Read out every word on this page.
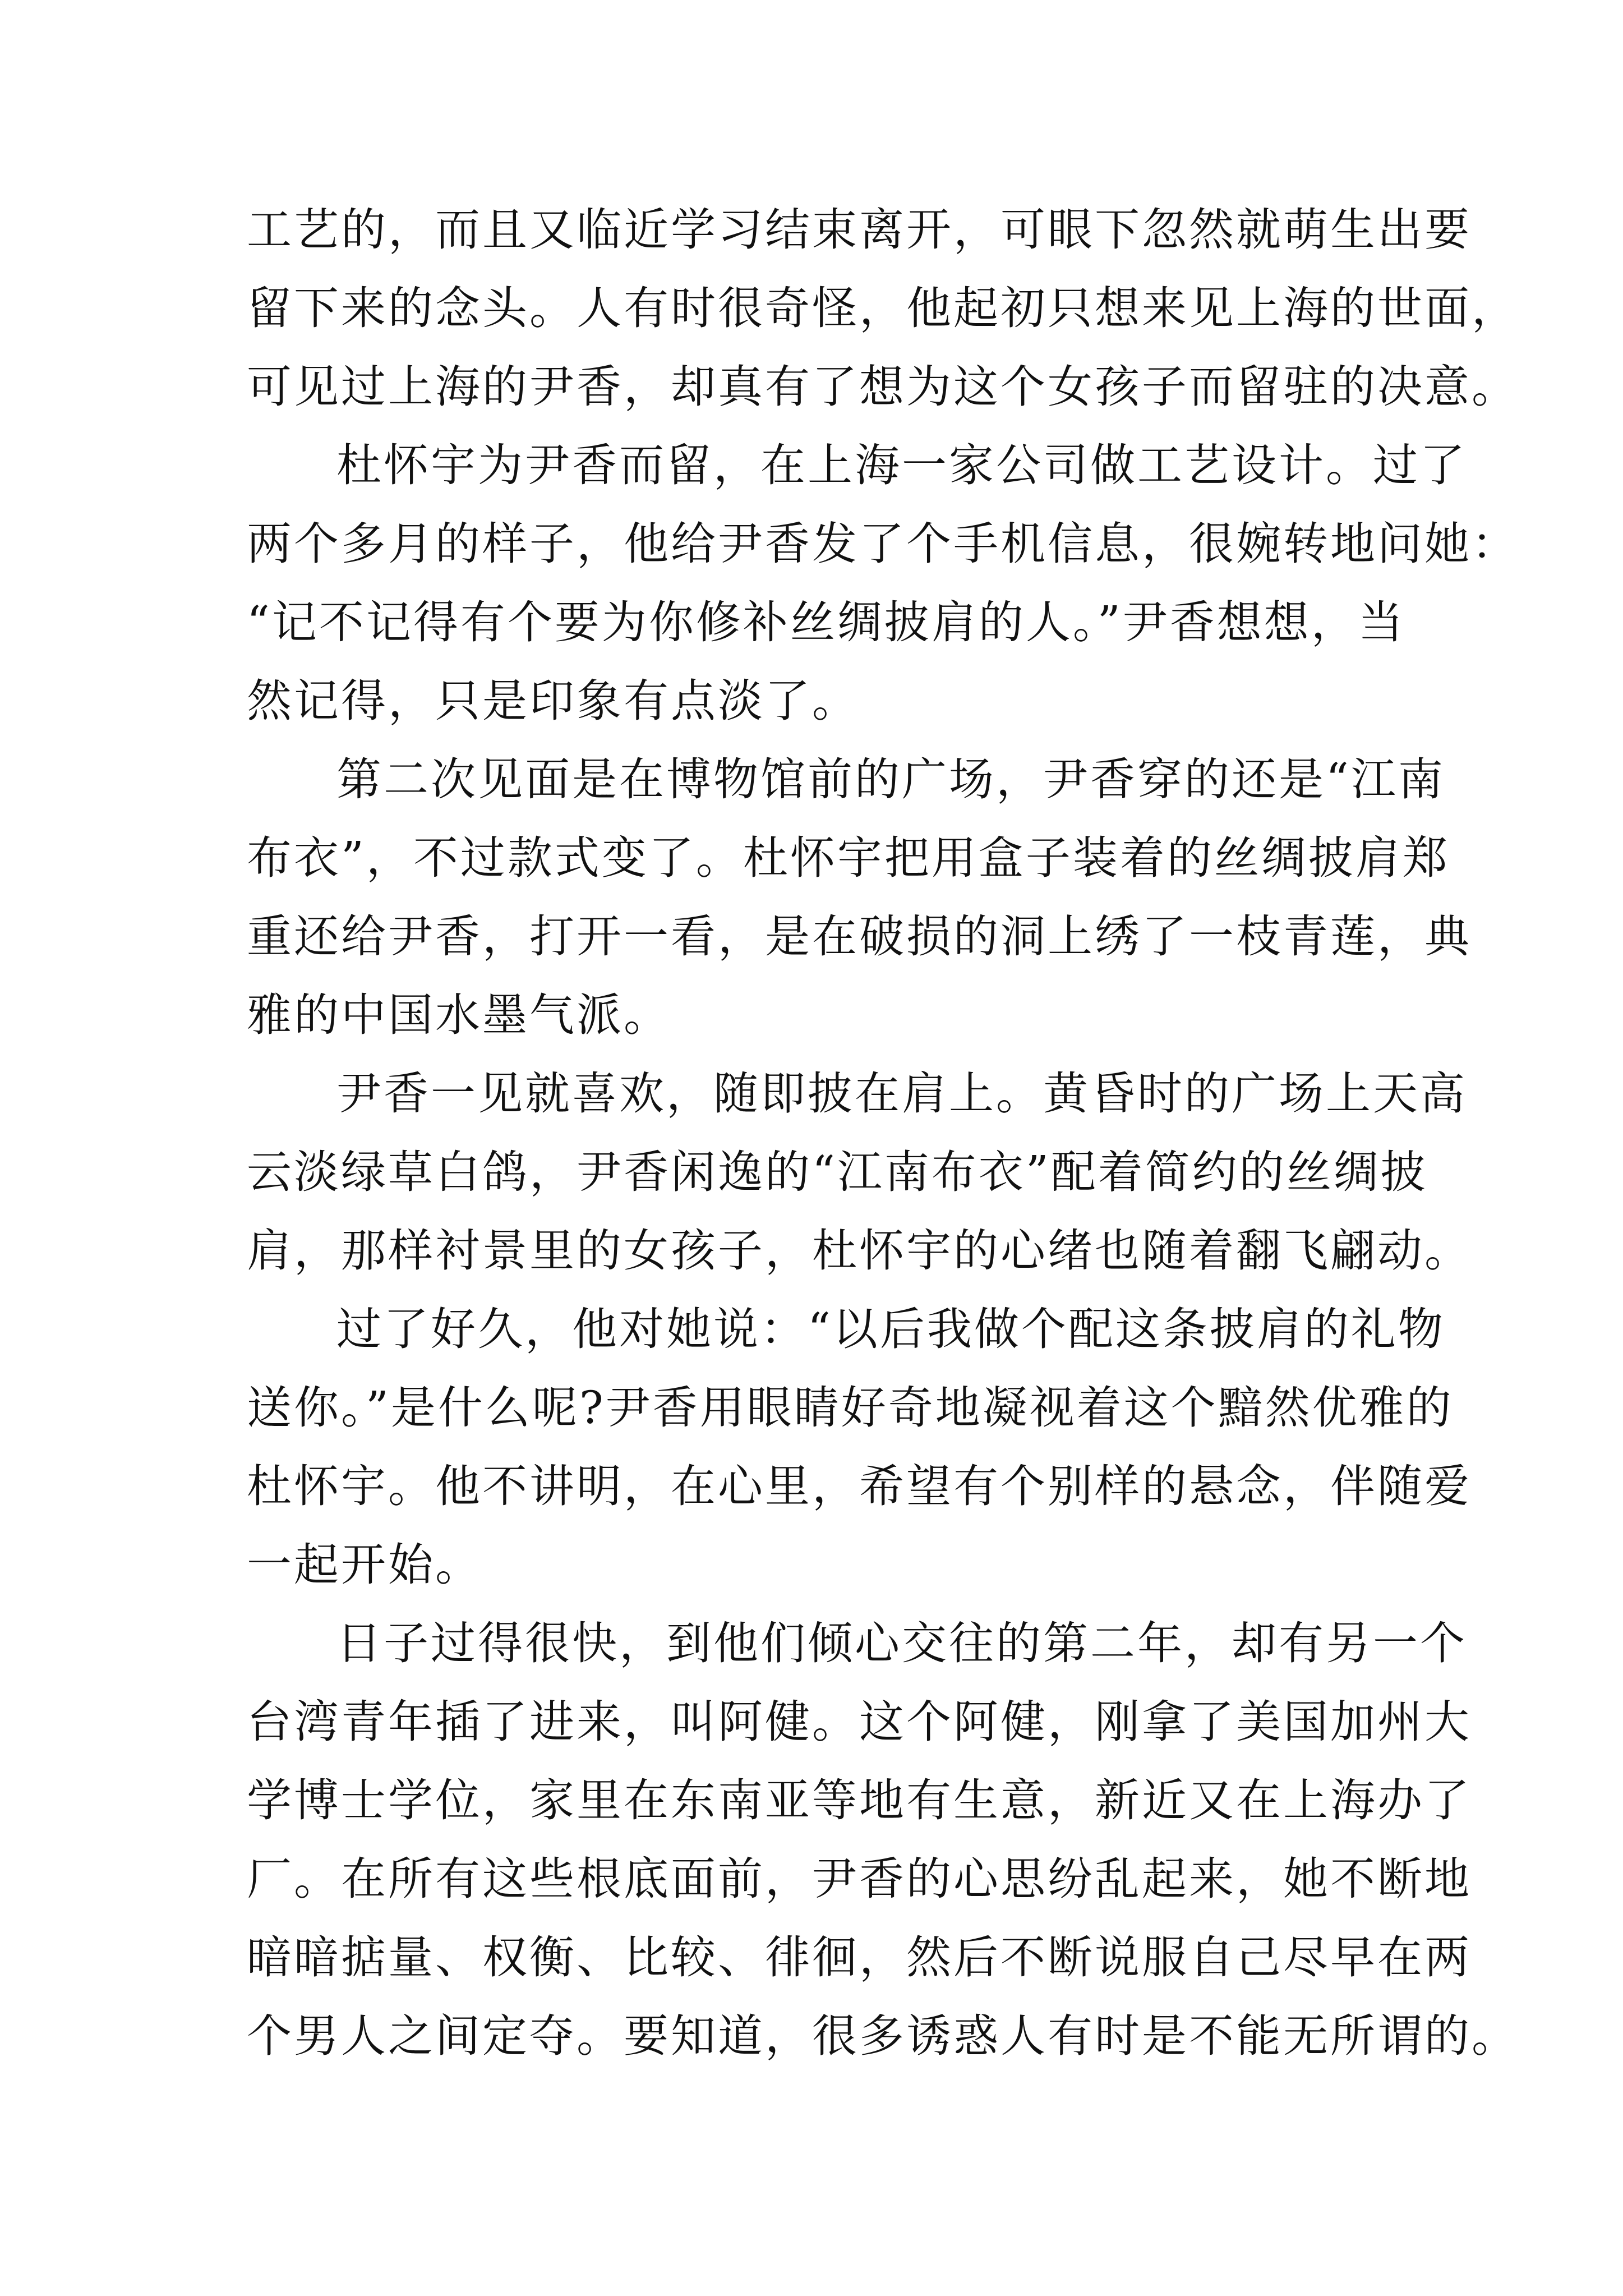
工艺的，而且又临近学习结束离开，可眼下忽然就萌生出要
留下来的念头。人有时很奇怪，他起初只想来见上海的世面，
可见过上海的尹香，却真有了想为这个女孩子而留驻的决意。
杜怀宇为尹香而留，在上海一家公司做工艺设计。过了
两个多月的样子，他给尹香发了个手机信息，很婉转地问她：
“记不记得有个要为你修补丝绸披肩的人。”尹香想想，当
然记得，只是印象有点淡了。
第二次见面是在博物馆前的广场，尹香穿的还是“江南
布衣”，不过款式变了。杜怀宇把用盒子装着的丝绸披肩郑
重还给尹香，打开一看，是在破损的洞上绣了一枝青莲，典
雅的中国水墨气派。
尹香一见就喜欢，随即披在肩上。黄昏时的广场上天高
云淡绿草白鸽，尹香闲逸的“江南布衣”配着简约的丝绸披
肩，那样衬景里的女孩子，杜怀宇的心绪也随着翻飞翩动。
过了好久，他对她说：“以后我做个配这条披肩的礼物
送你。”是什么呢?尹香用眼睛好奇地凝视着这个黯然优雅的
杜怀宇。他不讲明，在心里，希望有个别样的悬念，伴随爱
一起开始。
日子过得很快，到他们倾心交往的第二年，却有另一个
台湾青年插了进来，叫阿健。这个阿健，刚拿了美国加州大
学博士学位，家里在东南亚等地有生意，新近又在上海办了
厂。在所有这些根底面前，尹香的心思纷乱起来，她不断地
暗暗掂量、权衡、比较、徘徊，然后不断说服自己尽早在两
个男人之间定夺。要知道，很多诱惑人有时是不能无所谓的。
